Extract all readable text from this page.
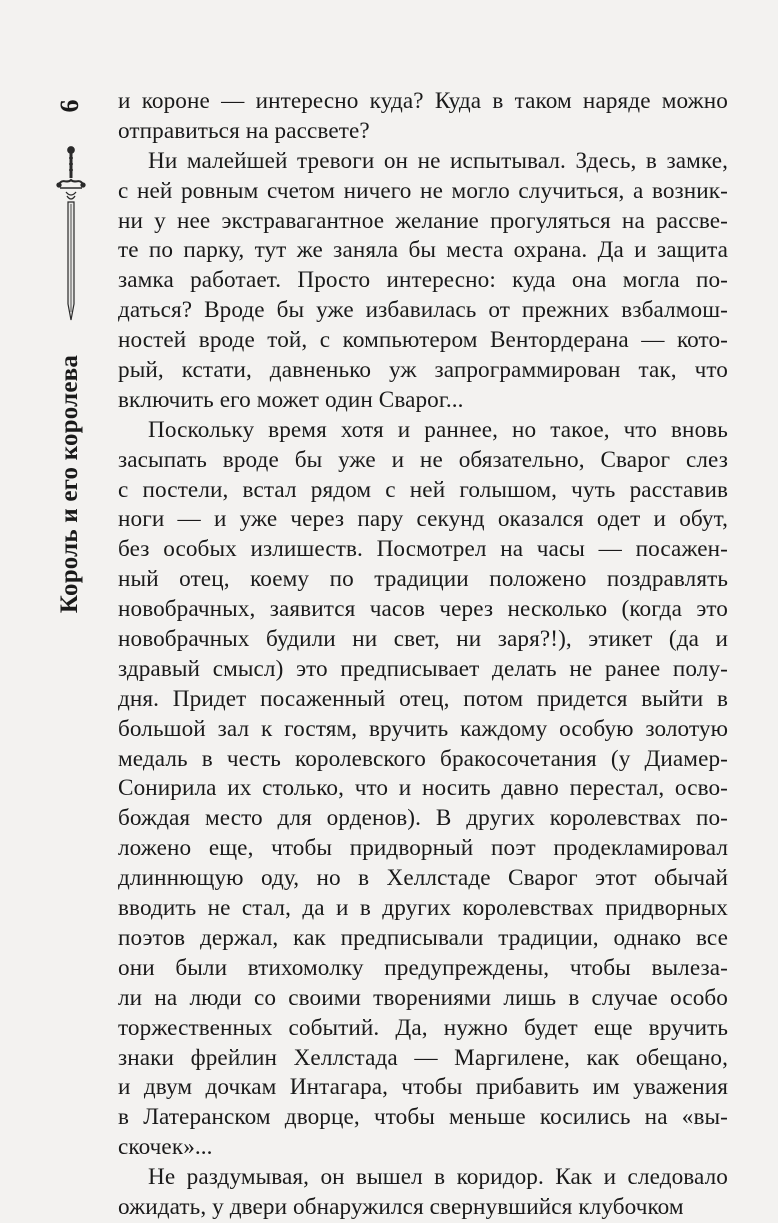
6
Король и его королева
и короне — интересно куда? Куда в таком наряде можно
отправиться на рассвете?
Ни малейшей тревоги он не испытывал. Здесь, в замке,
с ней ровным счетом ничего не могло случиться, а возник-
ни у нее экстравагантное желание прогуляться на рассве-
те по парку, тут же заняла бы места охрана. Да и защита
замка работает. Просто интересно: куда она могла по-
даться? Вроде бы уже избавилась от прежних взбалмош-
ностей вроде той, с компьютером Вентордерана — кото-
рый, кстати, давненько уж запрограммирован так, что
включить его может один Сварог...
Поскольку время хотя и раннее, но такое, что вновь
засыпать вроде бы уже и не обязательно, Сварог слез
с постели, встал рядом с ней голышом, чуть расставив
ноги — и уже через пару секунд оказался одет и обут,
без особых излишеств. Посмотрел на часы — посажен-
ный отец, коему по традиции положено поздравлять
новобрачных, заявится часов через несколько (когда это
новобрачных будили ни свет, ни заря?!), этикет (да и
здравый смысл) это предписывает делать не ранее полу-
дня. Придет посаженный отец, потом придется выйти в
большой зал к гостям, вручить каждому особую золотую
медаль в честь королевского бракосочетания (у Диамер-
Сонирила их столько, что и носить давно перестал, осво-
бождая место для орденов). В других королевствах по-
ложено еще, чтобы придворный поэт продекламировал
длиннющую оду, но в Хеллстаде Сварог этот обычай
вводить не стал, да и в других королевствах придворных
поэтов держал, как предписывали традиции, однако все
они были втихомолку предупреждены, чтобы вылеза-
ли на люди со своими творениями лишь в случае особо
торжественных событий. Да, нужно будет еще вручить
знаки фрейлин Хеллстада — Маргилене, как обещано,
и двум дочкам Интагара, чтобы прибавить им уважения
в Латеранском дворце, чтобы меньше косились на «вы-
скочек»...
Не раздумывая, он вышел в коридор. Как и следовало
ожидать, у двери обнаружился свернувшийся клубочком
